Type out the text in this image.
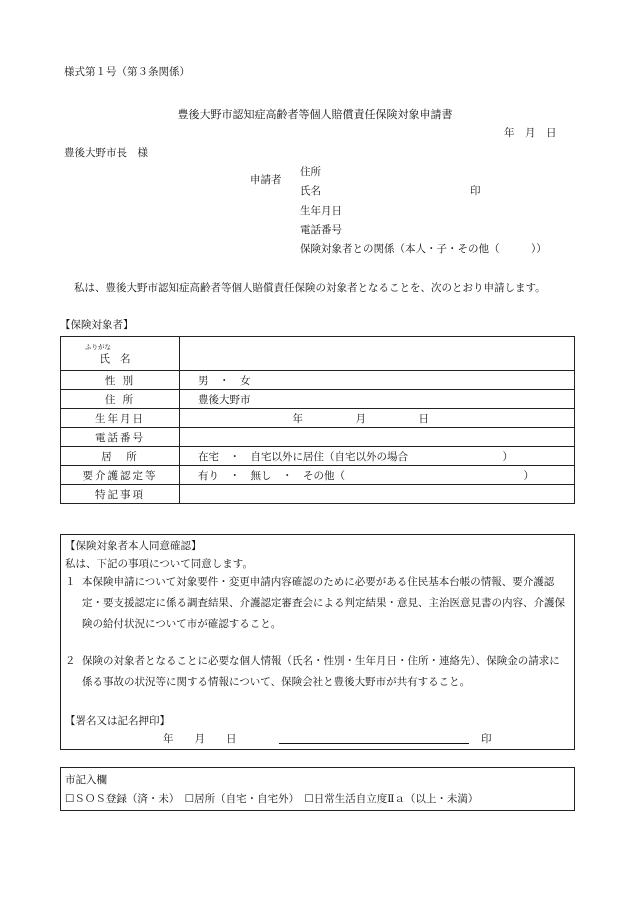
様式第１号（第３条関係）
豊後大野市認知症高齢者等個人賠償責任保険対象申請書
年　月　日
豊後大野市長　様
申請者
住所
氏名	印
生年月日
電話番号
保険対象者との関係（本人・子・その他（　　　））
私は、豊後大野市認知症高齢者等個人賠償責任保険の対象者となることを、次のとおり申請します。
【保険対象者】
ふりがな
氏名	

性 別	男　・　女
住 所	豊後大野市
生年月日	　　　　　　　　　年　　　　　月　　　　　日
電話番号	
居　所	在宅　・　自宅以外に居住（自宅以外の場合　　　　　　　　　）
要介護認定等	有り　・　無し　・　その他（　　　　　　　　　　　　　　　　　）
特記事項	
【保険対象者本人同意確認】
私は、下記の事項について同意します。
１ 本保険申請について対象要件・変更申請内容確認のために必要がある住民基本台帳の情報、要介護認定・要支援認定に係る調査結果、介護認定審査会による判定結果・意見、主治医意見書の内容、介護保険の給付状況について市が確認すること。
２ 保険の対象者となることに必要な個人情報（氏名・性別・生年月日・住所・連絡先）、保険金の請求に係る事故の状況等に関する情報について、保険会社と豊後大野市が共有すること。
【署名又は記名押印】
年　　月　　日	印
市記入欄
☐ＳＯＳ登録（済・未）　☐居所（自宅・自宅外）　☐日常生活自立度Ⅱａ（以上・未満）
